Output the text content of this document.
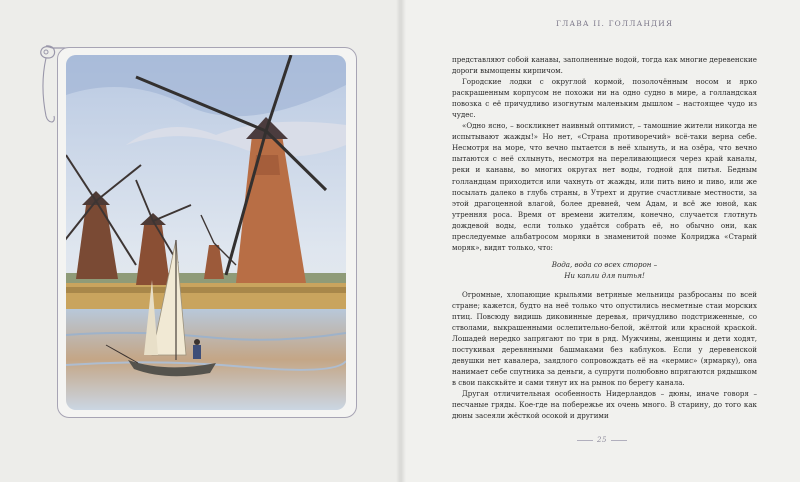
ГЛАВА II. ГОЛЛАНДИЯ

представляют собой канавы, заполненные водой, тогда как многие деревенские дороги вымощены кирпичом.

Городские лодки с округлой кормой, позолочённым носом и ярко раскрашенным корпусом не похожи ни на одно судно в мире, а голландская повозка с её причудливо изогнутым маленьким дышлом – настоящее чудо из чудес.

«Одно ясно, – воскликнет наивный оптимист, – тамошние жители никогда не испытывают жажды!» Но нет, «Страна противоречий» всё-таки верна себе. Несмотря на море, что вечно пытается в неё хлынуть, и на озёра, что вечно пытаются с неё схлынуть, несмотря на переливающиеся через край каналы, реки и канавы, во многих округах нет воды, годной для питья. Бедным голландцам приходится или чахнуть от жажды, или пить вино и пиво, или же посылать далеко в глубь страны, в Утрехт и другие счастливые местности, за этой драгоценной влагой, более древней, чем Адам, и всё же юной, как утренняя роса. Время от времени жителям, конечно, случается глотнуть дождевой воды, если только удаётся собрать её, но обычно они, как преследуемые альбатросом моряки в знаменитой поэме Колриджа «Старый моряк», видят только, что:

Вода, вода со всех сторон –
Ни капли для питья!

Огромные, хлопающие крыльями ветряные мельницы разбросаны по всей стране; кажется, будто на неё только что опустились несметные стаи морских птиц. Повсюду видишь диковинные деревья, причудливо подстриженные, со стволами, выкрашенными ослепительно-белой, жёлтой или красной краской. Лошадей нередко запрягают по три в ряд. Мужчины, женщины и дети ходят, постукивая деревянными башмаками без каблуков. Если у деревенской девушки нет кавалера, заядлого сопровождать её на «кермис» (ярмарку), она нанимает себе спутника за деньги, а супруги полюбовно впрягаются рядышком в свои пакскьйте и сами тянут их на рынок по берегу канала.

Другая отличительная особенность Нидерландов – дюны, иначе говоря – песчаные гряды. Кое-где на побережье их очень много. В старину, до того как дюны засеяли жёсткой осокой и другими

25
